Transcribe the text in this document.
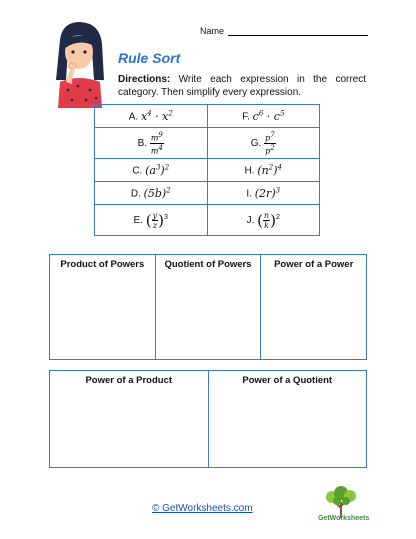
Name
Rule Sort
Directions: Write each expression in the correct category. Then simplify every expression.
A. $x^4 \cdot x^2$	F. $c^6 \cdot c^5$
B. $\frac{m^9}{m^4}$	G. $\frac{p^7}{p^2}$

C. $(a^3)^2$	H. $(n^2)^4$
D. $(5b)^2$	I. $(2r)^3$
E. ( $\frac{y}{z} )^3$	J. ( $\frac{n}{k} )^2$
Product of Powers	Quotient of Powers	Power of a Power
Power of a Product	Power of a Quotient
© GetWorksheets.com
GetWorksheets
